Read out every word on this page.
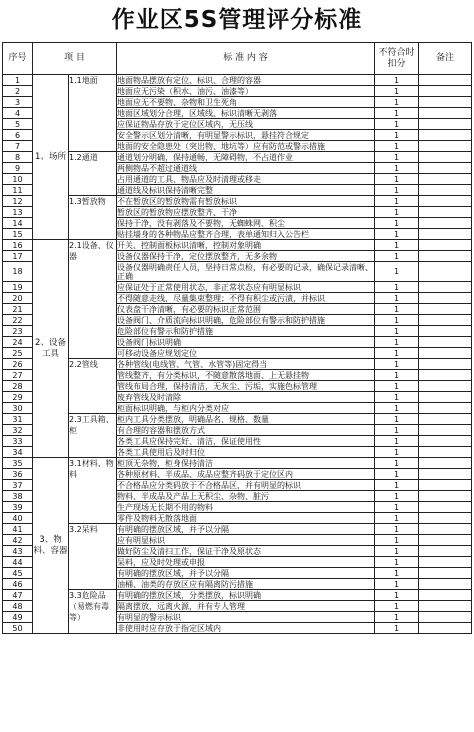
作业区5S管理评分标准
序号	项 目		标 准 内 容	不符合时扣分	备注
1	1、场所	1.1地面	地面物品摆放有定位、标识、合理的容器	1	
2			地面应无污染（积水、油污、油漆等）	1	
3			地面应无不要物、杂物和卫生死角	1	
4			地面区域划分合理，区域线、标识清晰无剥落	1	
5			应保证物品存放于定位区域内，无压线	1	
6			安全警示区划分清晰，有明显警示标识，悬挂符合规定	1	
7			地面的安全隐患处（突出物、地坑等）应有防范或警示措施	1	
8		1.2通道	通道划分明确，保持通畅，无障碍物，不占道作业	1	
9			两侧物品不超过通道线	1	
10			占用通道的工具、物品应及时清理或移走	1	
11			通道线及标识保持清晰完整	1	
12		1.3暂放物	不在暂放区的暂放物需有暂放标识	1	
13			暂放区的暂放物应摆放整齐、干净	1	
14			保持干净，没有剥落及不要物，无蜘蛛网、积尘	1	
15			贴挂墙身的各种物品应整齐合理，表单通知归入公告栏	1	
16	2、设备工具	2.1设备、仪器	开关、控制面板标识清晰，控制对象明确	1	
17			设备仪器保持干净，定位摆放整齐，无多余物	1	
18			设备仪器明确责任人员，坚持日常点检，有必要的记录，确保记录清晰、正确	1	
19			应保证处于正常使用状态，非正常状态应有明显标识	1	
20			不得随意走线，尽量集束整理；不得有积尘或污渍，并标识	1	
21			仪表盘干净清晰，有必要的标识正常范围	1	
22			设备阀门、介质流向标识明确，危险部位有警示和防护措施	1	
23			危险部位有警示和防护措施	1	
24			设备阀门标识明确	1	
25			可移动设备应规划定位	1	
26		2.2管线	各种管线(电线管、气管、水管等)固定得当	1	
27			管线整齐，有分类标识，不随意散落地面、上无悬挂物	1	
28			管线布局合理，保持清洁，无灰尘、污垢，实施色标管理	1	
29			废弃管线及时清除	1	
30			柜面标识明确，与柜内分类对应	1	
31		2.3工具箱、柜	柜内工具分类摆放，明确品名、规格、数量	1	
32			有合理的容器和摆放方式	1	
33			各类工具应保持完好、清洁，保证使用性	1	
34			各类工具使用后及时归位	1	
35	3、物料、容器	3.1材料、物料	柜顶无杂物，柜身保持清洁	1	
36			各种原材料、半成品、成品应整齐码放于定位区内	1	
37			不合格品应分类码放于不合格品区，并有明显的标识	1	
38			物料、半成品及产品上无积尘、杂物、脏污	1	
39			生产现场无长期不用的物料	1	
40			零件及物料无散落地面	1	
41		3.2呆料	有明确的摆放区域，并予以分隔	1	
42			应有明显标识	1	
43			做好防尘及清扫工作，保证干净及原状态	1	
44			呆料，应及时处理或申报	1	
45			有明确的摆放区域，并予以分隔	1	
46			油桶、油类的存放区应有隔离防污措施	1	
47		3.3危险品（易燃有毒等）	有明确的摆放区域，分类摆放，标识明确	1	
48			隔离摆放，远离火源，并有专人管理	1	
49			有明显的警示标识	1	
50			非使用时应存放于指定区域内	1	
